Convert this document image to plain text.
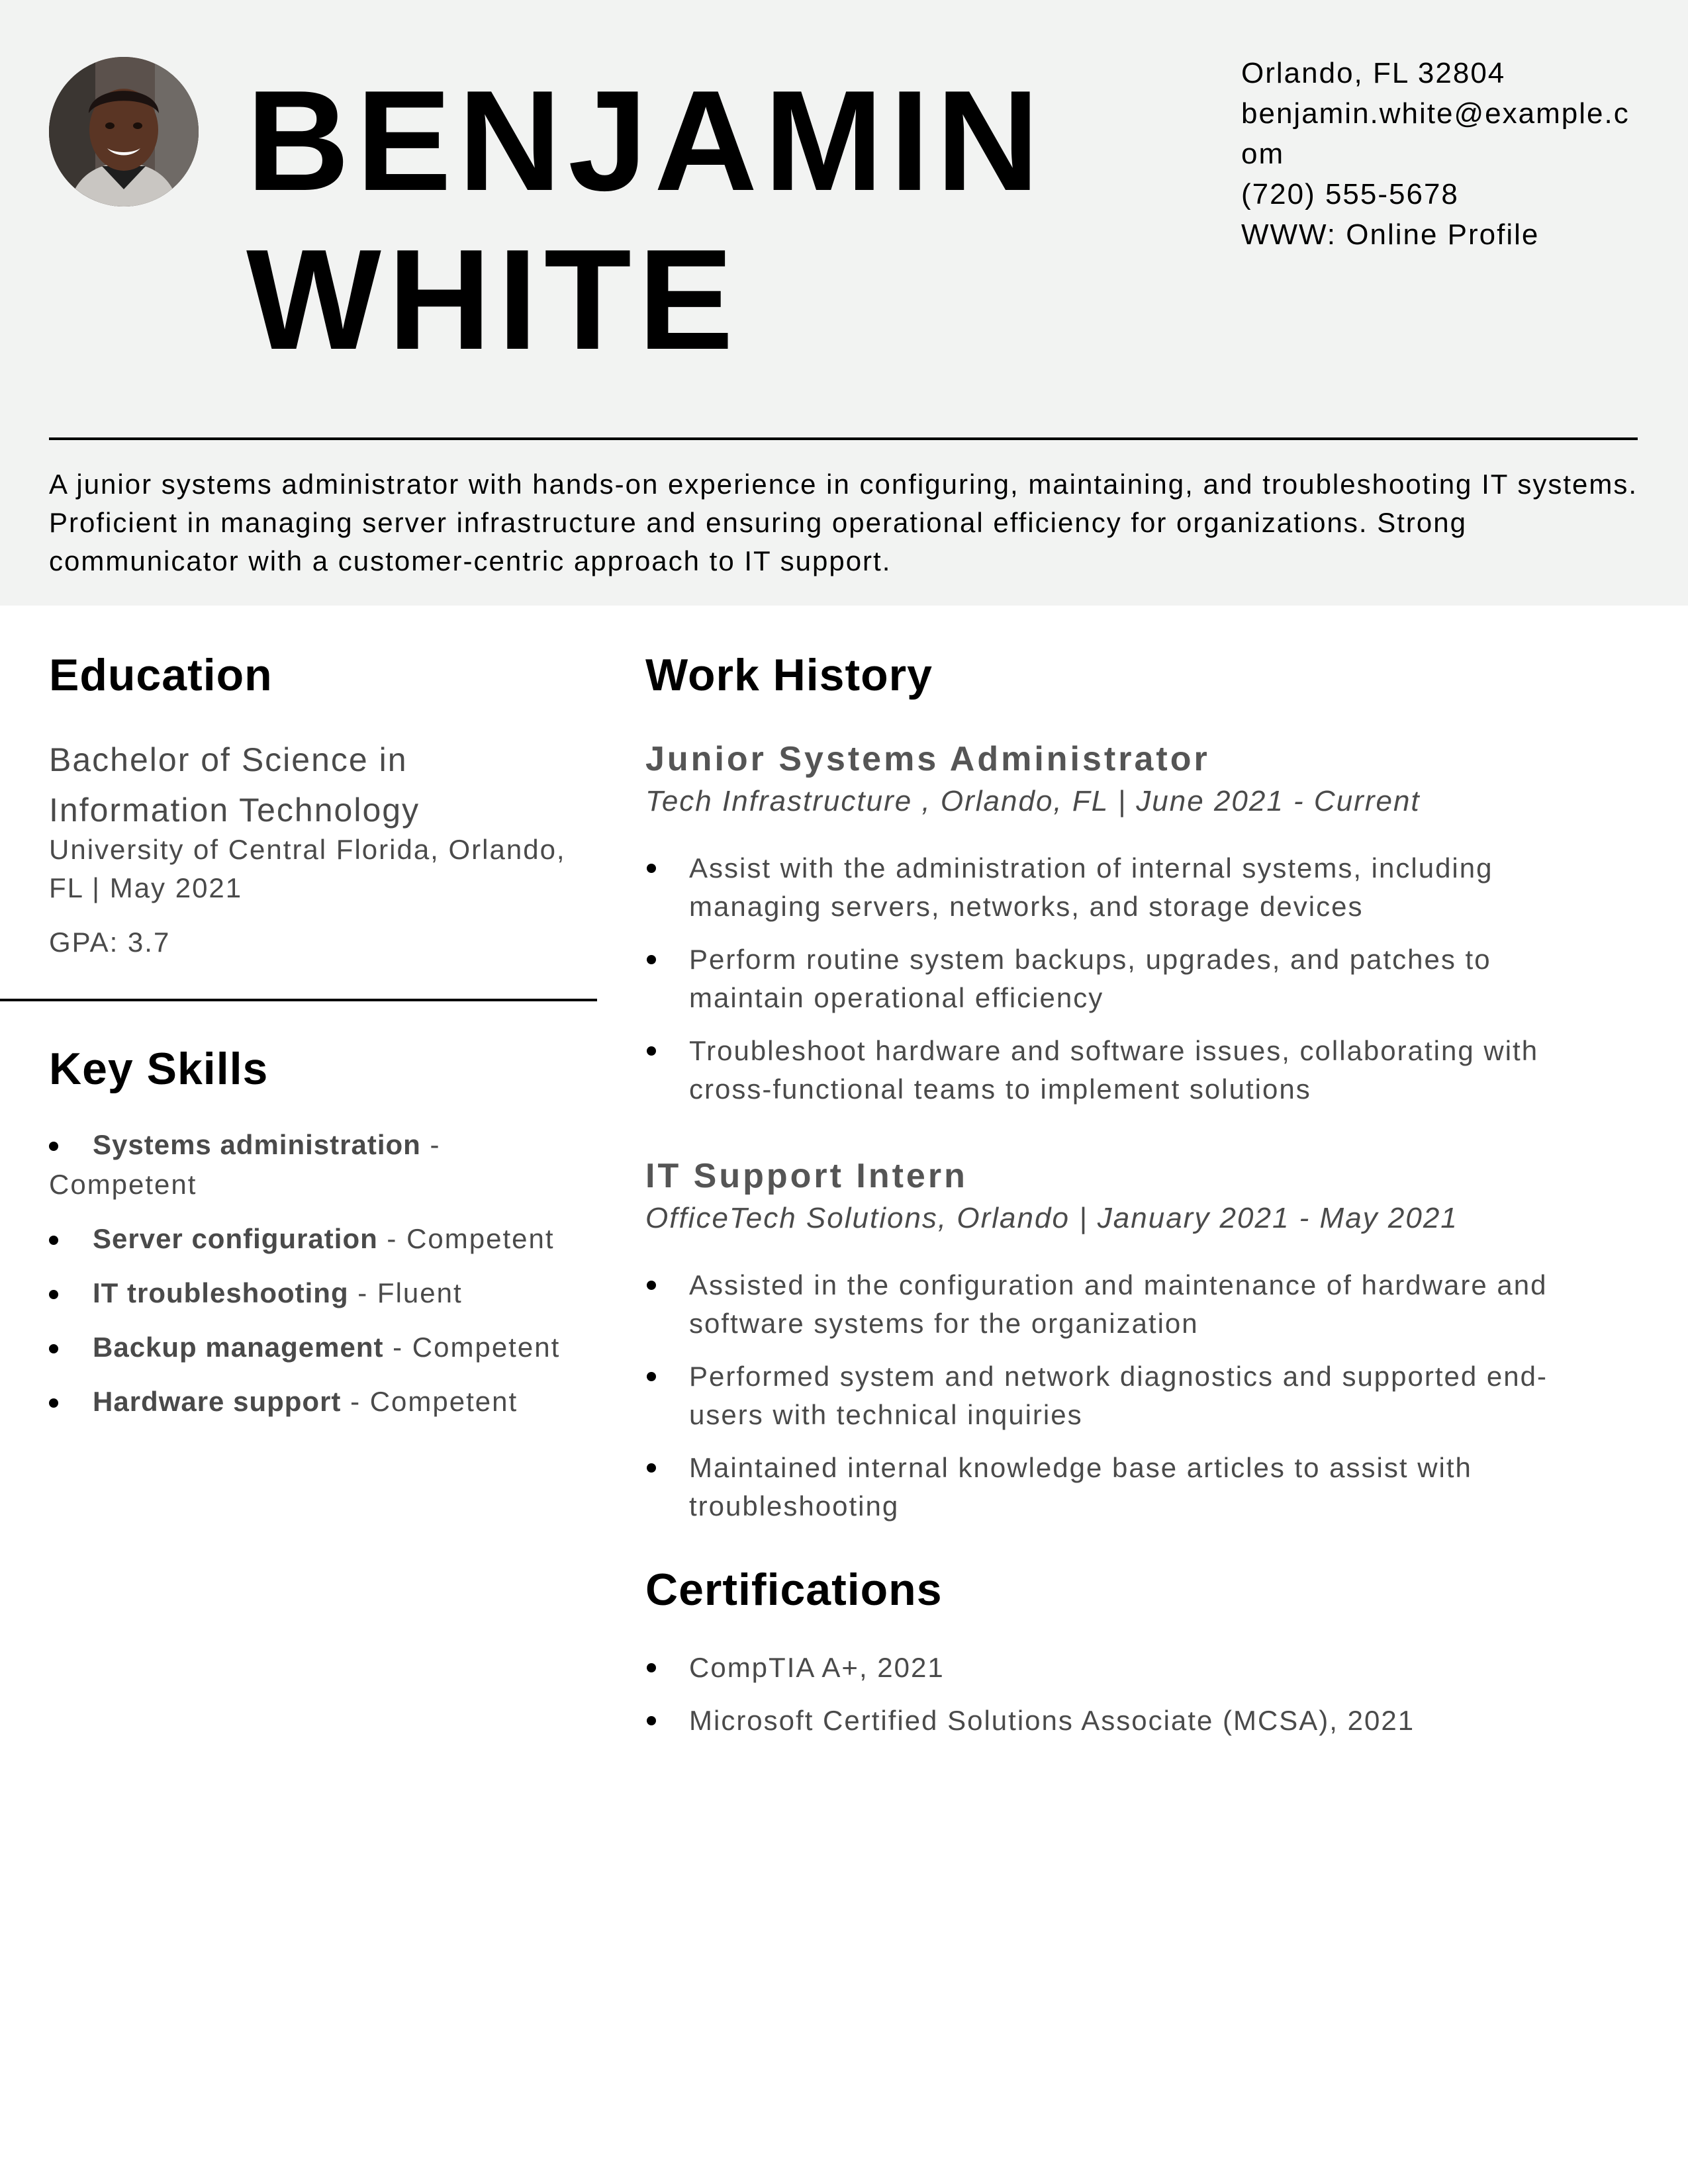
BENJAMIN
WHITE
Orlando, FL 32804
benjamin.white@example.com
(720) 555-5678
WWW: Online Profile
A junior systems administrator with hands-on experience in configuring, maintaining, and troubleshooting IT systems. Proficient in managing server infrastructure and ensuring operational efficiency for organizations. Strong communicator with a customer-centric approach to IT support.
Education
Bachelor of Science in Information Technology
University of Central Florida, Orlando, FL | May 2021
GPA: 3.7
Key Skills
Systems administration - Competent
Server configuration - Competent
IT troubleshooting - Fluent
Backup management - Competent
Hardware support - Competent
Work History
Junior Systems Administrator
Tech Infrastructure , Orlando, FL | June 2021 - Current
Assist with the administration of internal systems, including managing servers, networks, and storage devices
Perform routine system backups, upgrades, and patches to maintain operational efficiency
Troubleshoot hardware and software issues, collaborating with cross-functional teams to implement solutions
IT Support Intern
OfficeTech Solutions, Orlando | January 2021 - May 2021
Assisted in the configuration and maintenance of hardware and software systems for the organization
Performed system and network diagnostics and supported end-users with technical inquiries
Maintained internal knowledge base articles to assist with troubleshooting
Certifications
CompTIA A+, 2021
Microsoft Certified Solutions Associate (MCSA), 2021
